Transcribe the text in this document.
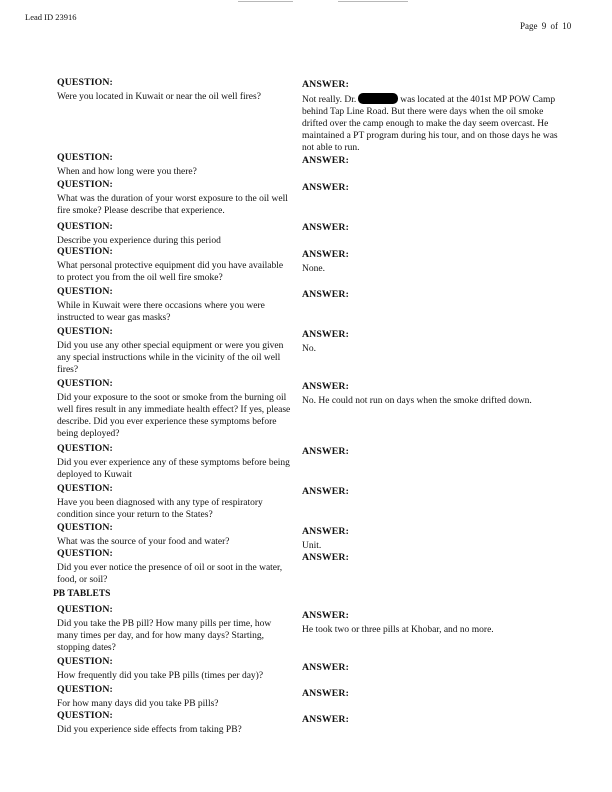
Lead ID 23916
Page 9 of 10
QUESTION:
Were you located in Kuwait or near the oil well fires?
ANSWER:
Not really. Dr.	was located at the 401st MP POW Camp behind Tap Line Road. But there were days when the oil smoke drifted over the camp enough to make the day seem overcast. He maintained a PT program during his tour, and on those days he was not able to run.
QUESTION:
When and how long were you there?
ANSWER:
QUESTION:
What was the duration of your worst exposure to the oil well fire smoke? Please describe that experience.
ANSWER:
QUESTION:
Describe you experience during this period
ANSWER:
QUESTION:
What personal protective equipment did you have available to protect you from the oil well fire smoke?
ANSWER:
None.
QUESTION:
While in Kuwait were there occasions where you were instructed to wear gas masks?
ANSWER:
QUESTION:
Did you use any other special equipment or were you given any special instructions while in the vicinity of the oil well fires?
ANSWER:
No.
QUESTION:
Did your exposure to the soot or smoke from the burning oil well fires result in any immediate health effect? If yes, please describe. Did you ever experience these symptoms before being deployed?
ANSWER:
No. He could not run on days when the smoke drifted down.
QUESTION:
Did you ever experience any of these symptoms before being deployed to Kuwait
ANSWER:
QUESTION:
Have you been diagnosed with any type of respiratory condition since your return to the States?
ANSWER:
QUESTION:
What was the source of your food and water?
ANSWER:
Unit.
QUESTION:
Did you ever notice the presence of oil or soot in the water, food, or soil?
ANSWER:
PB TABLETS
QUESTION:
Did you take the PB pill? How many pills per time, how many times per day, and for how many days? Starting, stopping dates?
ANSWER:
He took two or three pills at Khobar, and no more.
QUESTION:
How frequently did you take PB pills (times per day)?
ANSWER:
QUESTION:
For how many days did you take PB pills?
ANSWER:
QUESTION:
Did you experience side effects from taking PB?
ANSWER:
